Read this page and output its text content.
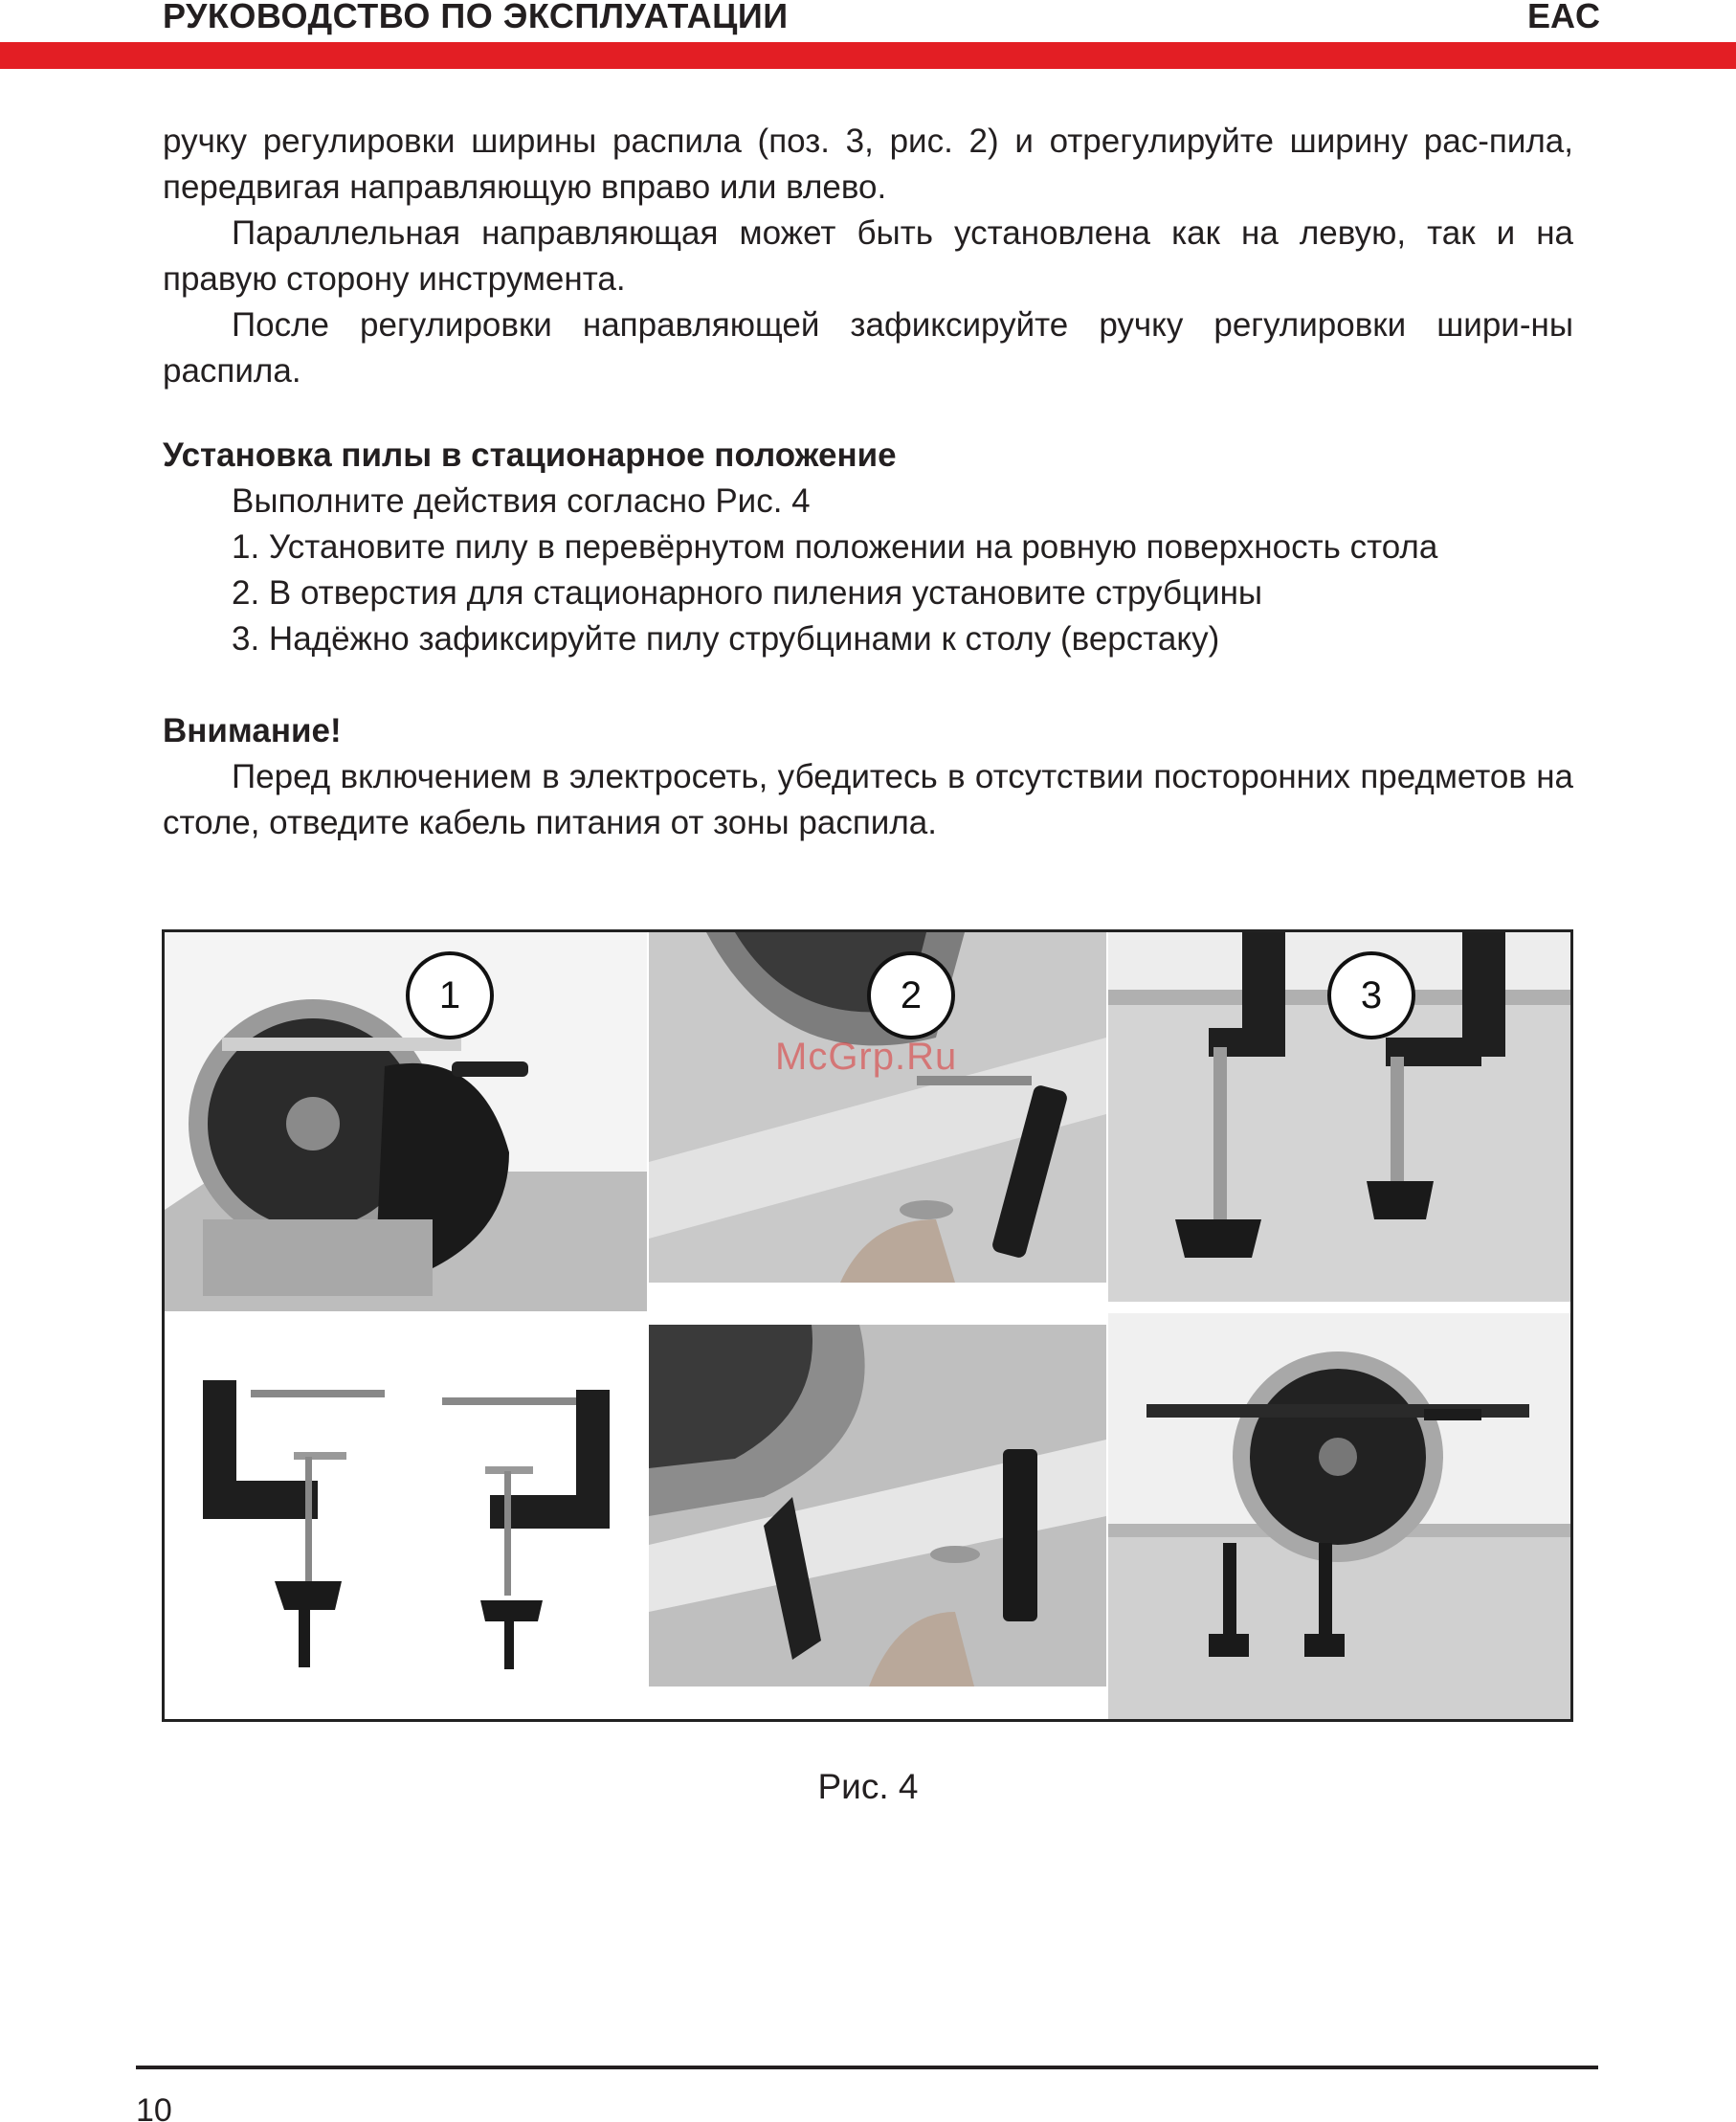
РУКОВОДСТВО ПО ЭКСПЛУАТАЦИИ	EAC

ручку регулировки ширины распила (поз. 3, рис. 2) и отрегулируйте ширину рас-пила, передвигая направляющую вправо или влево.

Параллельная направляющая может быть установлена как на левую, так и на правую сторону инструмента.

После регулировки направляющей зафиксируйте ручку регулировки шири-ны распила.

Установка пилы в стационарное положение

Выполните действия согласно Рис. 4

1. Установите пилу в перевёрнутом положении на ровную поверхность стола

2. В отверстия для стационарного пиления установите струбцины

3. Надёжно зафиксируйте пилу струбцинами к столу (верстаку)

Внимание!

Перед включением в электросеть, убедитесь в отсутствии посторонних предметов на столе, отведите кабель питания от зоны распила.

1	2	3
McGrp.Ru
Рис. 4
10
